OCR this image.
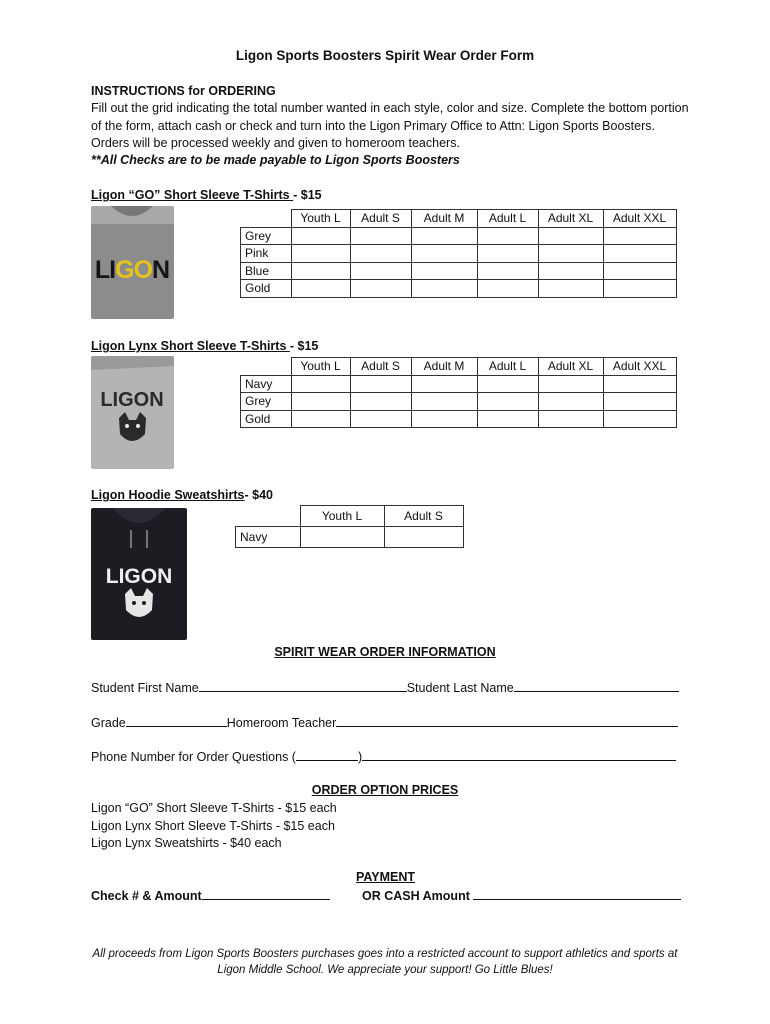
Ligon Sports Boosters Spirit Wear Order Form
INSTRUCTIONS for ORDERING
Fill out the grid indicating the total number wanted in each style, color and size. Complete the bottom portion of the form, attach cash or check and turn into the Ligon Primary Office to Attn: Ligon Sports Boosters. Orders will be processed weekly and given to homeroom teachers.
**All Checks are to be made payable to Ligon Sports Boosters
Ligon “GO” Short Sleeve T-Shirts - $15
LIGON
	Youth L	Adult S	Adult M	Adult L	Adult XL	Adult XXL
Grey						
Pink						
Blue						
Gold						
Ligon Lynx Short Sleeve T-Shirts - $15
LIGON
	Youth L	Adult S	Adult M	Adult L	Adult XL	Adult XXL
Navy						
Grey						
Gold						
Ligon Hoodie Sweatshirts- $40
LIGON
	Youth L	Adult S
Navy		
SPIRIT WEAR ORDER INFORMATION
Student First Name	Student Last Name
Grade	Homeroom Teacher
Phone Number for Order Questions (	)
ORDER OPTION PRICES
Ligon “GO” Short Sleeve T-Shirts - $15 each
Ligon Lynx Short Sleeve T-Shirts - $15 each
Ligon Lynx Sweatshirts - $40 each
PAYMENT
Check # & Amount	OR CASH Amount
All proceeds from Ligon Sports Boosters purchases goes into a restricted account to support athletics and sports at
Ligon Middle School. We appreciate your support! Go Little Blues!
